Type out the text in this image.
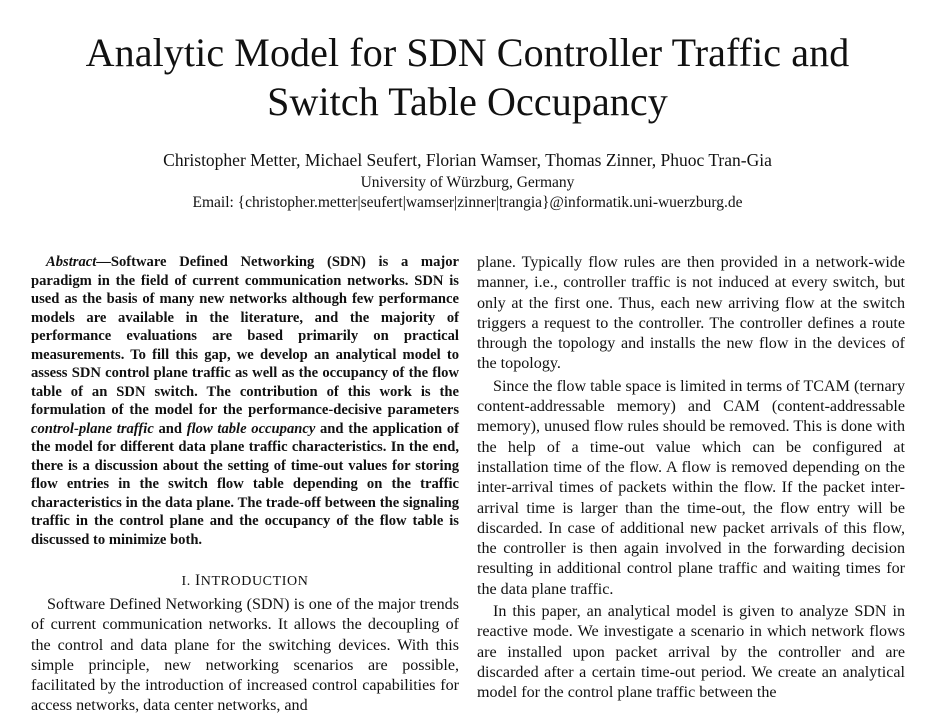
Analytic Model for SDN Controller Traffic and
Switch Table Occupancy
Christopher Metter, Michael Seufert, Florian Wamser, Thomas Zinner, Phuoc Tran-Gia
University of Würzburg, Germany
Email: {christopher.metter|seufert|wamser|zinner|trangia}@informatik.uni-wuerzburg.de

Abstract—Software Defined Networking (SDN) is a major paradigm in the field of current communication networks. SDN is used as the basis of many new networks although few performance models are available in the literature, and the majority of performance evaluations are based primarily on practical measurements. To fill this gap, we develop an analytical model to assess SDN control plane traffic as well as the occupancy of the flow table of an SDN switch. The contribution of this work is the formulation of the model for the performance-decisive parameters control-plane traffic and flow table occupancy and the application of the model for different data plane traffic characteristics. In the end, there is a discussion about the setting of time-out values for storing flow entries in the switch flow table depending on the traffic characteristics in the data plane. The trade-off between the signaling traffic in the control plane and the occupancy of the flow table is discussed to minimize both.

I. INTRODUCTION

Software Defined Networking (SDN) is one of the major trends of current communication networks. It allows the decoupling of the control and data plane for the switching devices. With this simple principle, new networking scenarios are possible, facilitated by the introduction of increased control capabilities for access networks, data center networks, and

plane. Typically flow rules are then provided in a network-wide manner, i.e., controller traffic is not induced at every switch, but only at the first one. Thus, each new arriving flow at the switch triggers a request to the controller. The controller defines a route through the topology and installs the new flow in the devices of the topology.

Since the flow table space is limited in terms of TCAM (ternary content-addressable memory) and CAM (content-addressable memory), unused flow rules should be removed. This is done with the help of a time-out value which can be configured at installation time of the flow. A flow is removed depending on the inter-arrival times of packets within the flow. If the packet inter-arrival time is larger than the time-out, the flow entry will be discarded. In case of additional new packet arrivals of this flow, the controller is then again involved in the forwarding decision resulting in additional control plane traffic and waiting times for the data plane traffic.

In this paper, an analytical model is given to analyze SDN in reactive mode. We investigate a scenario in which network flows are installed upon packet arrival by the controller and are discarded after a certain time-out period. We create an analytical model for the control plane traffic between the
